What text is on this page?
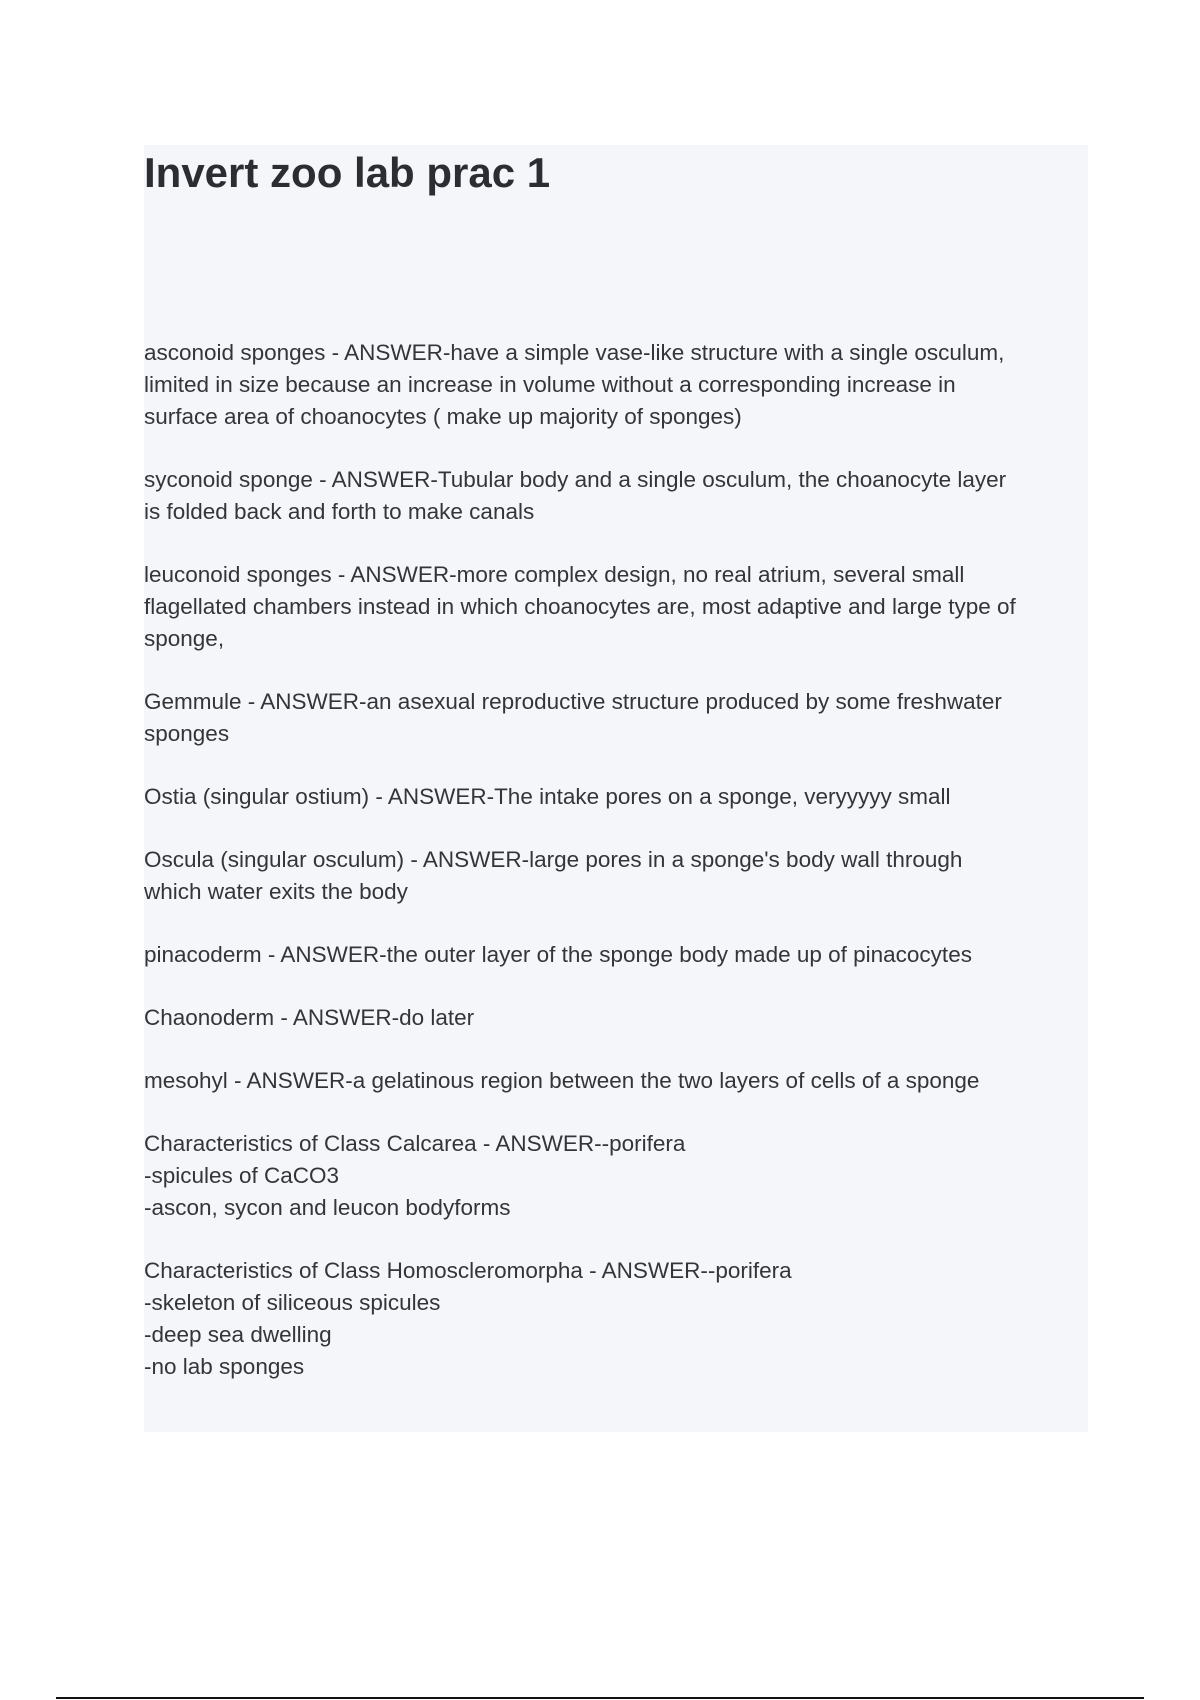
Invert zoo lab prac 1

asconoid sponges - ANSWER-have a simple vase-like structure with a single osculum,
limited in size because an increase in volume without a corresponding increase in
surface area of choanocytes ( make up majority of sponges)

syconoid sponge - ANSWER-Tubular body and a single osculum, the choanocyte layer
is folded back and forth to make canals

leuconoid sponges - ANSWER-more complex design, no real atrium, several small
flagellated chambers instead in which choanocytes are, most adaptive and large type of
sponge,

Gemmule - ANSWER-an asexual reproductive structure produced by some freshwater
sponges

Ostia (singular ostium) - ANSWER-The intake pores on a sponge, veryyyyy small

Oscula (singular osculum) - ANSWER-large pores in a sponge's body wall through
which water exits the body

pinacoderm - ANSWER-the outer layer of the sponge body made up of pinacocytes

Chaonoderm - ANSWER-do later

mesohyl - ANSWER-a gelatinous region between the two layers of cells of a sponge

Characteristics of Class Calcarea - ANSWER--porifera
-spicules of CaCO3
-ascon, sycon and leucon bodyforms

Characteristics of Class Homoscleromorpha - ANSWER--porifera
-skeleton of siliceous spicules
-deep sea dwelling
-no lab sponges
